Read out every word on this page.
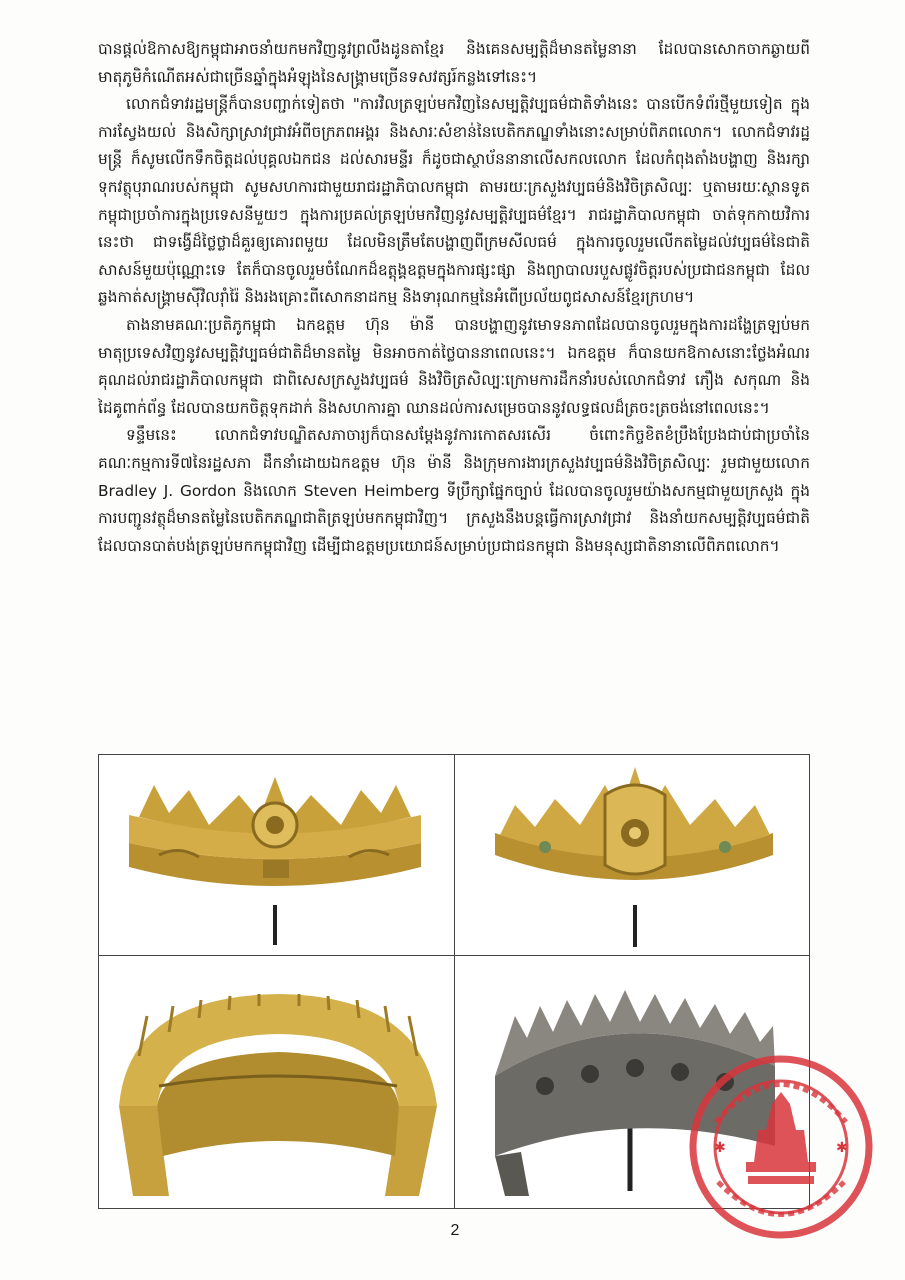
បានផ្ដល់ឱកាសឱ្យកម្ពុជាអាចនាំយកមកវិញនូវព្រលឹងដូនតាខ្មែរ និងគេនសម្បត្តិដ៏មានតម្លៃនានា ដែលបានសោកចាកឆ្ងាយពីមាតុភូមិកំណើតអស់ជាច្រើនឆ្នាំក្នុងអំឡុងនៃសង្គ្រាមច្រើនទសវត្សរ៍កន្លងទៅនេះ។

លោកជំទាវរដ្ឋមន្ត្រីក៏បានបញ្ជាក់ទៀតថា "ការវិលត្រឡប់មកវិញនៃសម្បត្តិវប្បធម៌ជាតិទាំងនេះ បានបើកទំព័រថ្មីមួយទៀត ក្នុងការស្វែងយល់ និងសិក្សាស្រាវជ្រាវអំពីចក្រភពអង្គរ និងសារៈសំខាន់នៃបេតិកភណ្ឌទាំងនោះសម្រាប់ពិភពលោក។ លោកជំទាវរដ្ឋមន្ត្រី ក៏សូមលើកទឹកចិត្តដល់បុគ្គលឯកជន ដល់សារមន្ទីរ ក៏ដូចជាស្ថាប័ននានាលើសកលលោក ដែលកំពុងតាំងបង្ហាញ និងរក្សាទុកវត្ថុបុរាណរបស់កម្ពុជា សូមសហការជាមួយរាជរដ្ឋាភិបាលកម្ពុជា តាមរយៈក្រសួងវប្បធម៌និងវិចិត្រសិល្បៈ ឬតាមរយៈស្ថានទូតកម្ពុជាប្រចាំការក្នុងប្រទេសនីមួយៗ ក្នុងការប្រគល់ត្រឡប់មកវិញនូវសម្បត្តិវប្បធម៌ខ្មែរ។ រាជរដ្ឋាភិបាលកម្ពុជា ចាត់ទុកកាយវិការនេះថា ជាទង្វើដ៏ថ្លៃថ្លាដ៏គួរឲ្យគោរពមួយ ដែលមិនត្រឹមតែបង្ហាញពីក្រមសីលធម៌ ក្នុងការចូលរួមលើកតម្លៃដល់វប្បធម៌នៃជាតិសាសន៍មួយប៉ុណ្ណោះទេ តែក៏បានចូលរួមចំណែកដ៏ឧត្តុង្គឧត្តមក្នុងការផ្សះផ្សា និងព្យាបាលរបួសផ្លូវចិត្តរបស់ប្រជាជនកម្ពុជា ដែលឆ្លងកាត់សង្គ្រាមស៊ីវិលរ៉ាំរ៉ៃ និងរងគ្រោះពីសោកនាដកម្ម និងទារុណកម្មនៃអំពើប្រល័យពូជសាសន៍ខ្មែរក្រហម។

តាងនាមគណៈប្រតិភូកម្ពុជា ឯកឧត្តម ហ៊ុន ម៉ានី បានបង្ហាញនូវមោទនភាពដែលបានចូលរួមក្នុងការដង្ហែត្រឡប់មកមាតុប្រទេសវិញនូវសម្បត្តិវប្បធម៌ជាតិដ៏មានតម្លៃ មិនអាចកាត់ថ្លៃបាននាពេលនេះ។ ឯកឧត្តម ក៏បានយកឱកាសនោះថ្លែងអំណរគុណដល់រាជរដ្ឋាភិបាលកម្ពុជា ជាពិសេសក្រសួងវប្បធម៌ និងវិចិត្រសិល្បៈក្រោមការដឹកនាំរបស់លោកជំទាវ ភឿង សកុណា និងដៃគូពាក់ព័ន្ធ ដែលបានយកចិត្តទុកដាក់ និងសហការគ្នា ឈានដល់ការសម្រេចបាននូវលទ្ធផលដ៏ត្រចះត្រចង់នៅពេលនេះ។

ទន្ទឹមនេះ លោកជំទាវបណ្ឌិតសភាចារ្យក៏បានសម្ដែងនូវការកោតសរសើរ ចំពោះកិច្ចខិតខំប្រឹងប្រែងជាប់ជាប្រចាំនៃគណៈកម្មការទី៧នៃរដ្ឋសភា ដឹកនាំដោយឯកឧត្តម ហ៊ុន ម៉ានី និងក្រុមការងារក្រសួងវប្បធម៌និងវិចិត្រសិល្បៈ រួមជាមួយលោក Bradley J. Gordon និងលោក Steven Heimberg ទីប្រឹក្សាផ្នែកច្បាប់ ដែលបានចូលរួមយ៉ាងសកម្មជាមួយក្រសួង ក្នុងការបញ្ជូនវត្ថុដ៏មានតម្លៃនៃបេតិកភណ្ឌជាតិត្រឡប់មកកម្ពុជាវិញ។ ក្រសួងនឹងបន្តធ្វើការស្រាវជ្រាវ និងនាំយកសម្បត្តិវប្បធម៌ជាតិដែលបានបាត់បង់ត្រឡប់មកកម្ពុជាវិញ ដើម្បីជាឧត្តមប្រយោជន៍សម្រាប់ប្រជាជនកម្ពុជា និងមនុស្សជាតិនានាលើពិភពលោក។

✱	✱
2
